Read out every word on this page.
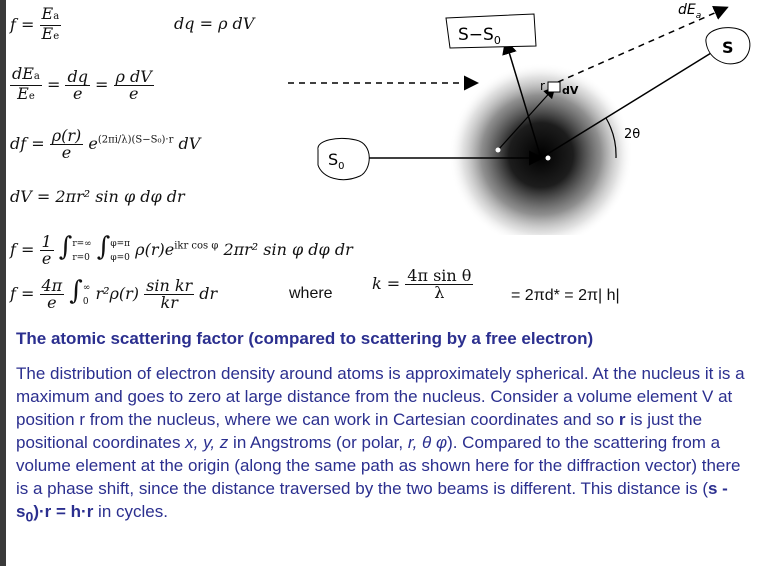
$f = \frac{Ea}{Ee}$	dq = ρ dV
$\frac{\text{dEa}}{Ee} = \frac{dq}{e} = \frac{\text{ρ dV}}{e}$
df = $\frac{\rho(r)}{e} e^{(2\pi i/\lambda)(S-S_0)\cdot r}$ dV
dV = 2πr² sin φ dφ dr
$f = \frac{1}{e}$ ∫ r=∞
r=0 ∫ φ=π
φ=0 $\rho(r)e^{ikr cos \varphi}$ 2πr² sin φ dφ dr
$f = \frac{4\pi}{e}$ ∫ ∞
0 $r^2\rho(r) \frac{\text{sin kr}}{kr}$ dr	where
$k = \frac{\text{4π sin θ}}{\lambda} = 2\pi d* = 2\pi|$ h|
$S-S_0$
$S_0$
S
$dE_a$
dV
r
2θ
The atomic scattering factor (compared to scattering by a free electron)
The distribution of electron density around atoms is approximately spherical. At the nucleus it is a maximum and goes to zero at large distance from the nucleus. Consider a volume element V at position r from the nucleus, where we can work in Cartesian coordinates and so r is just the positional coordinates x, y, z in Angstroms (or polar, r, θ φ). Compared to the scattering from a volume element at the origin (along the same path as shown here for the diffraction vector) there is a phase shift, since the distance traversed by the two beams is different. This distance is $(s - s_0)\cdot r = h\cdot r$ in cycles.
